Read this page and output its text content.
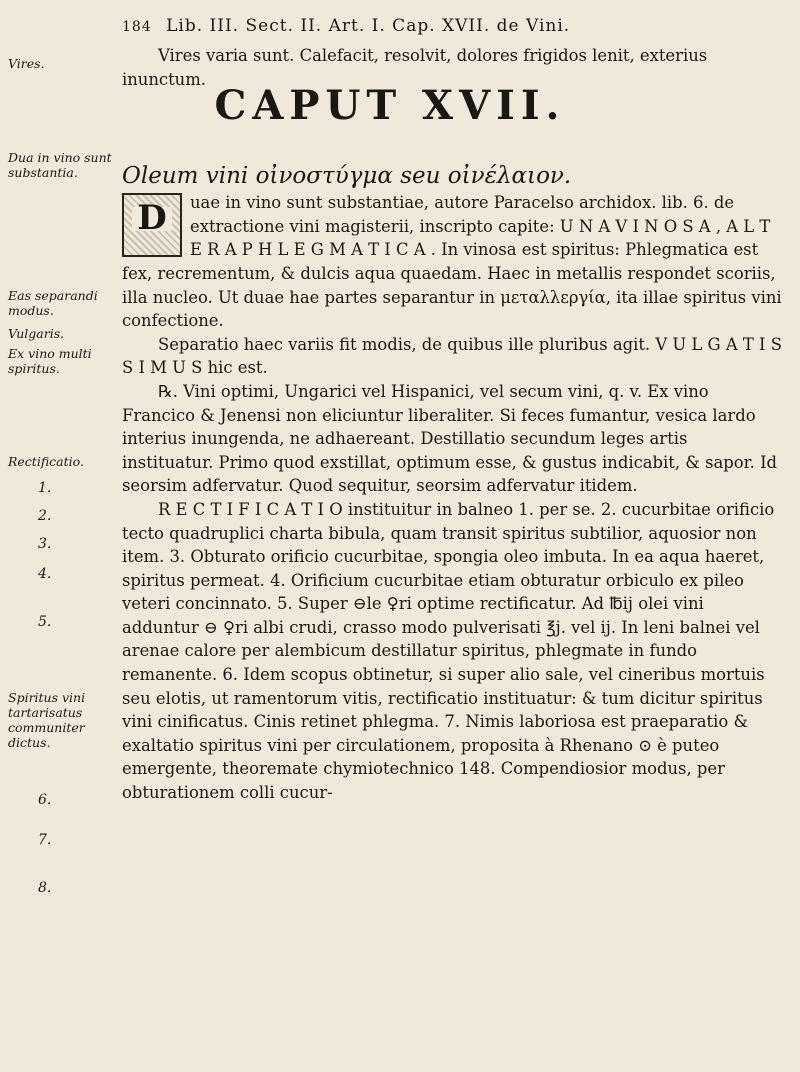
184 Lib. III. Sect. II. Art. I. Cap. XVII. de Vini.
Vires.
Dua in vino sunt substantia.
Eas separandi modus.
Vulgaris.
Ex vino multi spiritus.
Rectificatio.
Spiritus vini tartarisatus communiter dictus.
1.
2.
3.
4.
5.
6.
7.
8.

Vires varia sunt. Calefacit, resolvit, dolores frigidos lenit, exterius inunctum.

Oleum vini οἰνοστύγμα seu οἰνέλαιον.

D	uae in vino sunt substantiae, autore Paracelso archidox. lib. 6. de extractione vini magisterii, inscripto capite: U N A V I N O S A , A L T E R A P H L E G M A T I C A . In vinosa est spiritus: Phlegmatica est fex, recrementum, & dulcis aqua quaedam. Haec in metallis respondet scoriis, illa nucleo. Ut duae hae partes separantur in μεταλλεργία, ita illae spiritus vini confectione.

Separatio haec variis fit modis, de quibus ille pluribus agit. V U L G A T I S S I M U S hic est.

℞. Vini optimi, Ungarici vel Hispanici, vel secum vini, q. v. Ex vino Francico & Jenensi non eliciuntur liberaliter. Si feces fumantur, vesica lardo interius inungenda, ne adhaereant. Destillatio secundum leges artis instituatur. Primo quod exstillat, optimum esse, & gustus indicabit, & sapor. Id seorsim adfervatur. Quod sequitur, seorsim adfervatur itidem.

R E C T I F I C A T I O instituitur in balneo 1. per se. 2. cucurbitae orificio tecto quadruplici charta bibula, quam transit spiritus subtilior, aquosior non item. 3. Obturato orificio cucurbitae, spongia oleo imbuta. In ea aqua haeret, spiritus permeat. 4. Orificium cucurbitae etiam obturatur orbiculo ex pileo veteri concinnato. 5. Super ⊖le ♀ri optime rectificatur. Ad ℔ij olei vini adduntur ⊖ ♀ri albi crudi, crasso modo pulverisati ℥j. vel ij. In leni balnei vel arenae calore per alembicum destillatur spiritus, phlegmate in fundo remanente. 6. Idem scopus obtinetur, si super alio sale, vel cineribus mortuis seu elotis, ut ramentorum vitis, rectificatio instituatur: & tum dicitur spiritus vini cinificatus. Cinis retinet phlegma. 7. Nimis laboriosa est praeparatio & exaltatio spiritus vini per circulationem, proposita à Rhenano ⊙ è puteo emergente, theoremate chymiotechnico 148. Compendiosior modus, per obturationem colli cucur-

CAPUT XVII.
